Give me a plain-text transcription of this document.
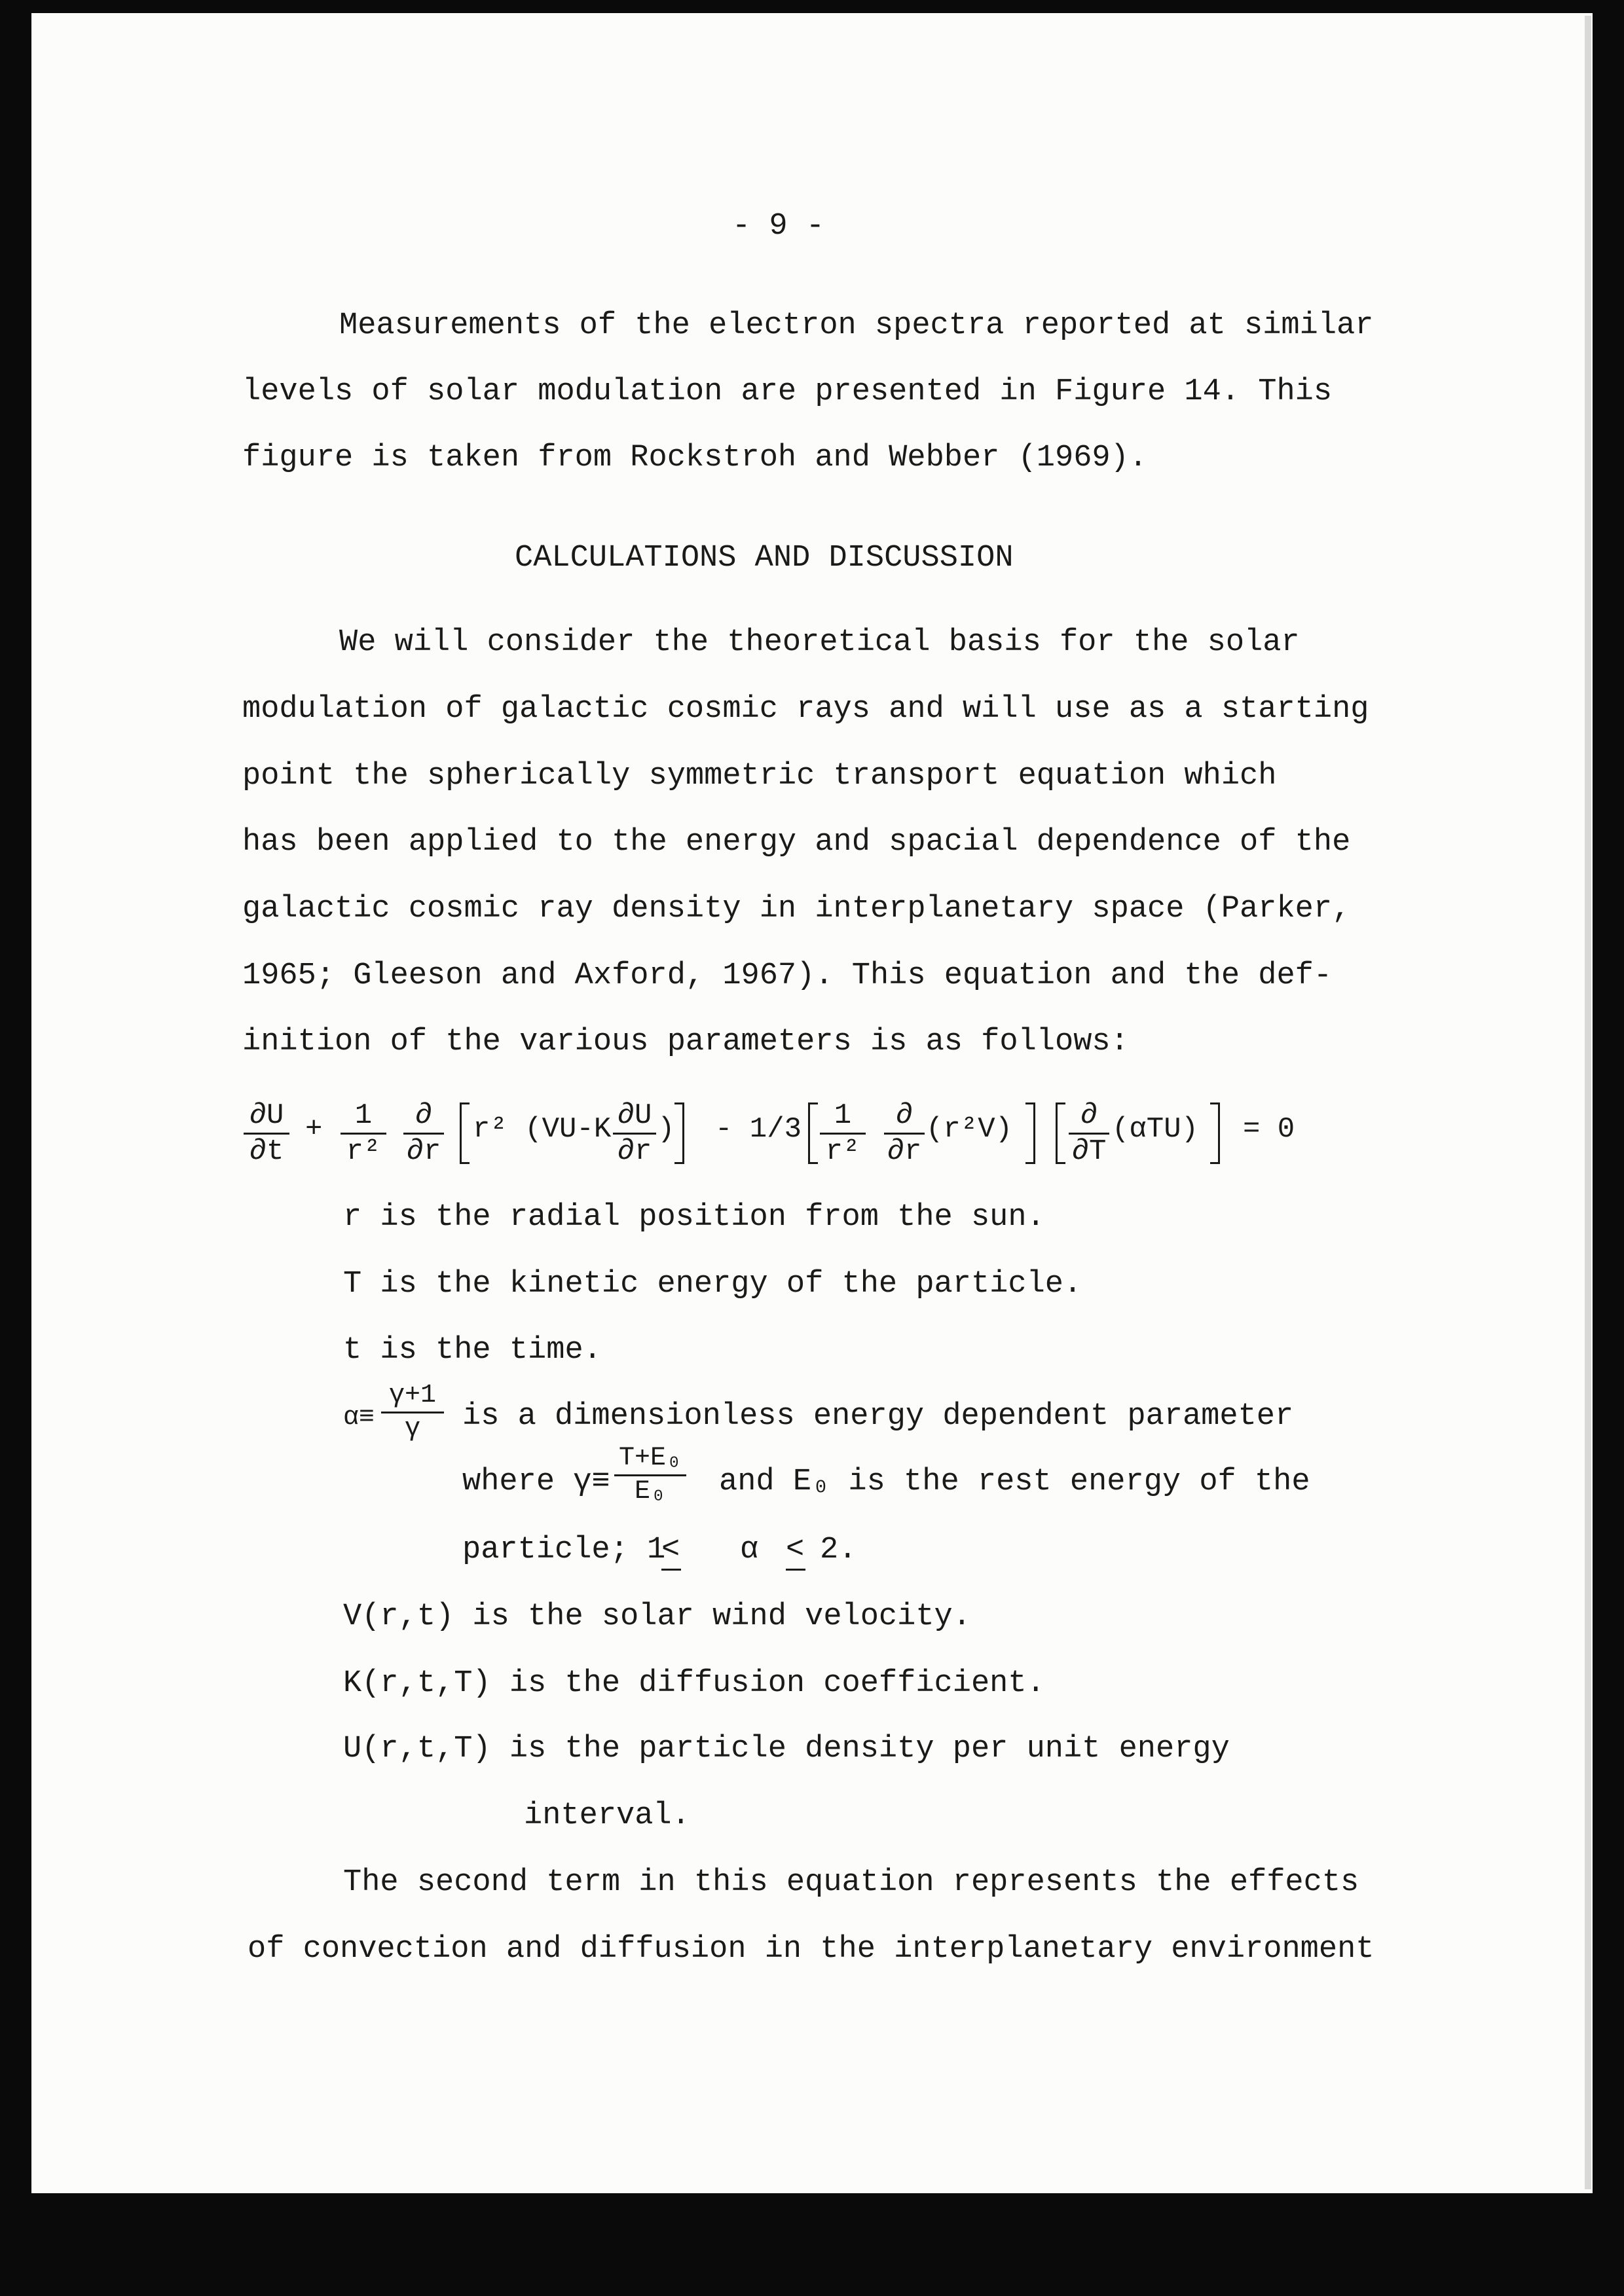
- 9 -
Measurements of the electron spectra reported at similar
levels of solar modulation are presented in Figure 14. This
figure is taken from Rockstroh and Webber (1969).
CALCULATIONS AND DISCUSSION
We will consider the theoretical basis for the solar
modulation of galactic cosmic rays and will use as a starting
point the spherically symmetric transport equation which
has been applied to the energy and spacial dependence of the
galactic cosmic ray density in interplanetary space (Parker,
1965; Gleeson and Axford, 1967). This equation and the def-
inition of the various parameters is as follows:
∂U
∂t
+	1
r²
∂
∂r
r² (VU-K ∂U
∂r
) - 1/3	1
r²
∂
∂r
(r²V)	∂
∂T
(αTU) = 0
r is the radial position from the sun.
T is the kinetic energy of the particle.
t is the time.
α≡
γ+1
γ	is a dimensionless energy dependent parameter
where γ≡
T+E₀
E₀	and E₀ is the rest energy of the
particle; 1
< α < 2.
V(r,t) is the solar wind velocity.
K(r,t,T) is the diffusion coefficient.
U(r,t,T) is the particle density per unit energy
interval.
The second term in this equation represents the effects
of convection and diffusion in the interplanetary environment
